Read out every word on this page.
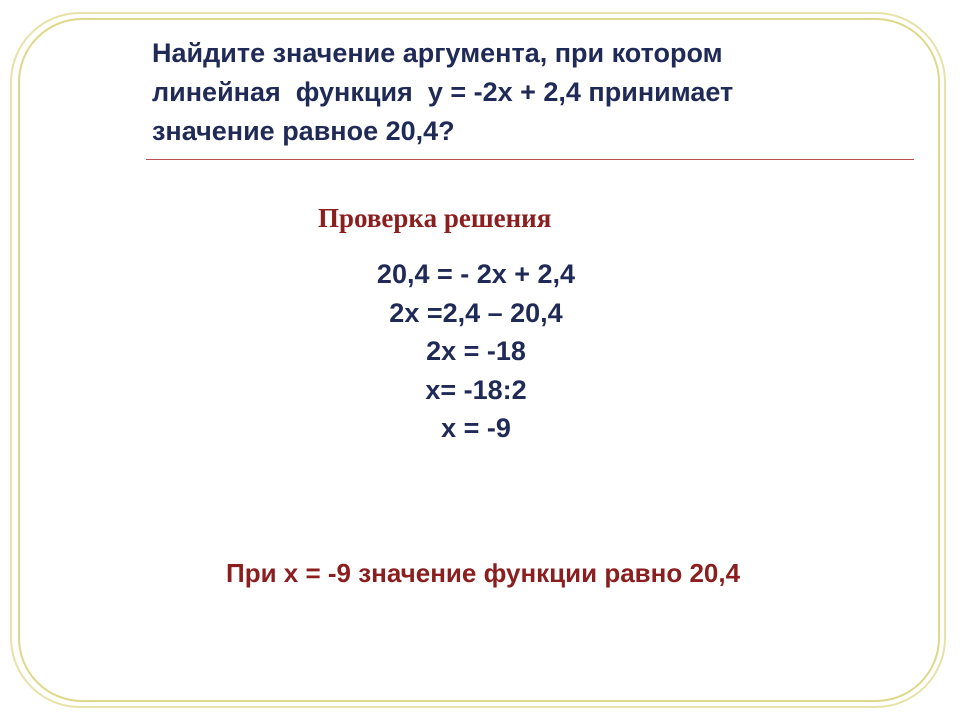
Найдите значение аргумента, при котором
линейная  функция  y = -2x + 2,4 принимает
значение равное 20,4?
Проверка решения
20,4 = - 2x + 2,4
2x =2,4 – 20,4
2x = -18
x= -18:2
x = -9
При x = -9 значение функции равно 20,4
